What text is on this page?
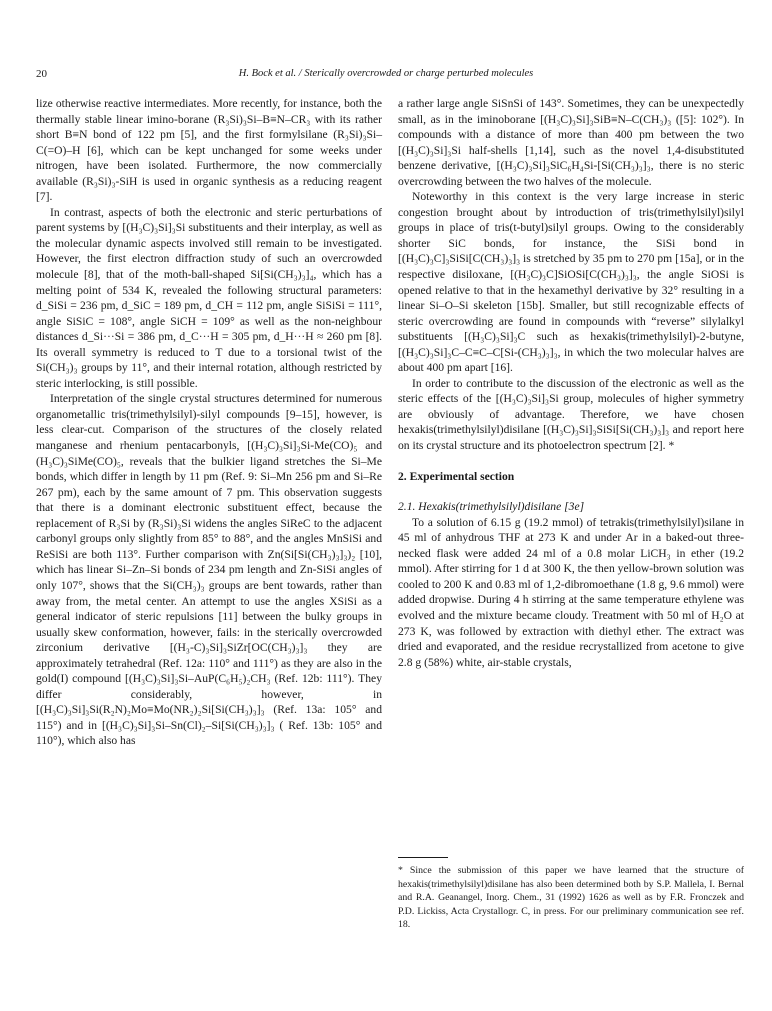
20	H. Bock et al. / Sterically overcrowded or charge perturbed molecules

lize otherwise reactive intermediates. More recently, for instance, both the thermally stable linear imino-borane (R₃Si)₃Si–B≡N–CR₃ with its rather short B≡N bond of 122 pm [5], and the first formylsilane (R₃Si)₃Si–C(=O)–H [6], which can be kept unchanged for some weeks under nitrogen, have been isolated. Furthermore, the now commercially available (R₃Si)₃-SiH is used in organic synthesis as a reducing reagent [7].

In contrast, aspects of both the electronic and steric perturbations of parent systems by [(H₃C)₃Si]₃Si substituents and their interplay, as well as the molecular dynamic aspects involved still remain to be investigated. However, the first electron diffraction study of such an overcrowded molecule [8], that of the moth-ball-shaped Si[Si(CH₃)₃]₄, which has a melting point of 534 K, revealed the following structural parameters: d_SiSi = 236 pm, d_SiC = 189 pm, d_CH = 112 pm, angle SiSiSi = 111°, angle SiSiC = 108°, angle SiCH = 109° as well as the non-neighbour distances d_Si···Si = 386 pm, d_C···H = 305 pm, d_H···H ≈ 260 pm [8]. Its overall symmetry is reduced to T due to a torsional twist of the Si(CH₃)₃ groups by 11°, and their internal rotation, although restricted by steric interlocking, is still possible.

Interpretation of the single crystal structures determined for numerous organometallic tris(trimethylsilyl)-silyl compounds [9–15], however, is less clear-cut. Comparison of the structures of the closely related manganese and rhenium pentacarbonyls, [(H₃C)₃Si]₃Si-Me(CO)₅ and (H₃C)₃SiMe(CO)₅, reveals that the bulkier ligand stretches the Si–Me bonds, which differ in length by 11 pm (Ref. 9: Si–Mn 256 pm and Si–Re 267 pm), each by the same amount of 7 pm. This observation suggests that there is a dominant electronic substituent effect, because the replacement of R₃Si by (R₃Si)₃Si widens the angles SiReC to the adjacent carbonyl groups only slightly from 85° to 88°, and the angles MnSiSi and ReSiSi are both 113°. Further comparison with Zn(Si[Si(CH₃)₃]₃)₂ [10], which has linear Si–Zn–Si bonds of 234 pm length and Zn-SiSi angles of only 107°, shows that the Si(CH₃)₃ groups are bent towards, rather than away from, the metal center. An attempt to use the angles XSiSi as a general indicator of steric repulsions [11] between the bulky groups in usually skew conformation, however, fails: in the sterically overcrowded zirconium derivative [(H₃-C)₃Si]₃SiZr[OC(CH₃)₃]₃ they are approximately tetrahedral (Ref. 12a: 110° and 111°) as they are also in the gold(I) compound [(H₃C)₃Si]₃Si–AuP(C₆H₅)₂CH₃ (Ref. 12b: 111°). They differ considerably, however, in [(H₃C)₃Si]₃Si(R₂N)₂Mo≡Mo(NR₂)₂Si[Si(CH₃)₃]₃ (Ref. 13a: 105° and 115°) and in [(H₃C)₃Si]₃Si–Sn(Cl)₂–Si[Si(CH₃)₃]₃ ( Ref. 13b: 105° and 110°), which also has

a rather large angle SiSnSi of 143°. Sometimes, they can be unexpectedly small, as in the iminoborane [(H₃C)₃Si]₃SiB≡N–C(CH₃)₃ ([5]: 102°). In compounds with a distance of more than 400 pm between the two [(H₃C)₃Si]₃Si half-shells [1,14], such as the novel 1,4-disubstituted benzene derivative, [(H₃C)₃Si]₃SiC₆H₄Si-[Si(CH₃)₃]₃, there is no steric overcrowding between the two halves of the molecule.

Noteworthy in this context is the very large increase in steric congestion brought about by introduction of tris(trimethylsilyl)silyl groups in place of tris(t-butyl)silyl groups. Owing to the considerably shorter SiC bonds, for instance, the SiSi bond in [(H₃C)₃C]₃SiSi[C(CH₃)₃]₃ is stretched by 35 pm to 270 pm [15a], or in the respective disiloxane, [(H₃C)₃C]SiOSi[C(CH₃)₃]₃, the angle SiOSi is opened relative to that in the hexamethyl derivative by 32° resulting in a linear Si–O–Si skeleton [15b]. Smaller, but still recognizable effects of steric overcrowding are found in compounds with “reverse” silylalkyl substituents [(H₃C)₃Si]₃C such as hexakis(trimethylsilyl)-2-butyne, [(H₃C)₃Si]₃C–C≡C–C[Si-(CH₃)₃]₃, in which the two molecular halves are about 400 pm apart [16].

In order to contribute to the discussion of the electronic as well as the steric effects of the [(H₃C)₃Si]₃Si group, molecules of higher symmetry are obviously of advantage. Therefore, we have chosen hexakis(trimethylsilyl)disilane [(H₃C)₃Si]₃SiSi[Si(CH₃)₃]₃ and report here on its crystal structure and its photoelectron spectrum [2]. *

2. Experimental section

2.1. Hexakis(trimethylsilyl)disilane [3e]

To a solution of 6.15 g (19.2 mmol) of tetrakis(trimethylsilyl)silane in 45 ml of anhydrous THF at 273 K and under Ar in a baked-out three-necked flask were added 24 ml of a 0.8 molar LiCH₃ in ether (19.2 mmol). After stirring for 1 d at 300 K, the then yellow-brown solution was cooled to 200 K and 0.83 ml of 1,2-dibromoethane (1.8 g, 9.6 mmol) were added dropwise. During 4 h stirring at the same temperature ethylene was evolved and the mixture became cloudy. Treatment with 50 ml of H₂O at 273 K, was followed by extraction with diethyl ether. The extract was dried and evaporated, and the residue recrystallized from acetone to give 2.8 g (58%) white, air-stable crystals,

* Since the submission of this paper we have learned that the structure of hexakis(trimethylsilyl)disilane has also been determined both by S.P. Mallela, I. Bernal and R.A. Geanangel, Inorg. Chem., 31 (1992) 1626 as well as by F.R. Fronczek and P.D. Lickiss, Acta Crystallogr. C, in press. For our preliminary communication see ref. 18.
